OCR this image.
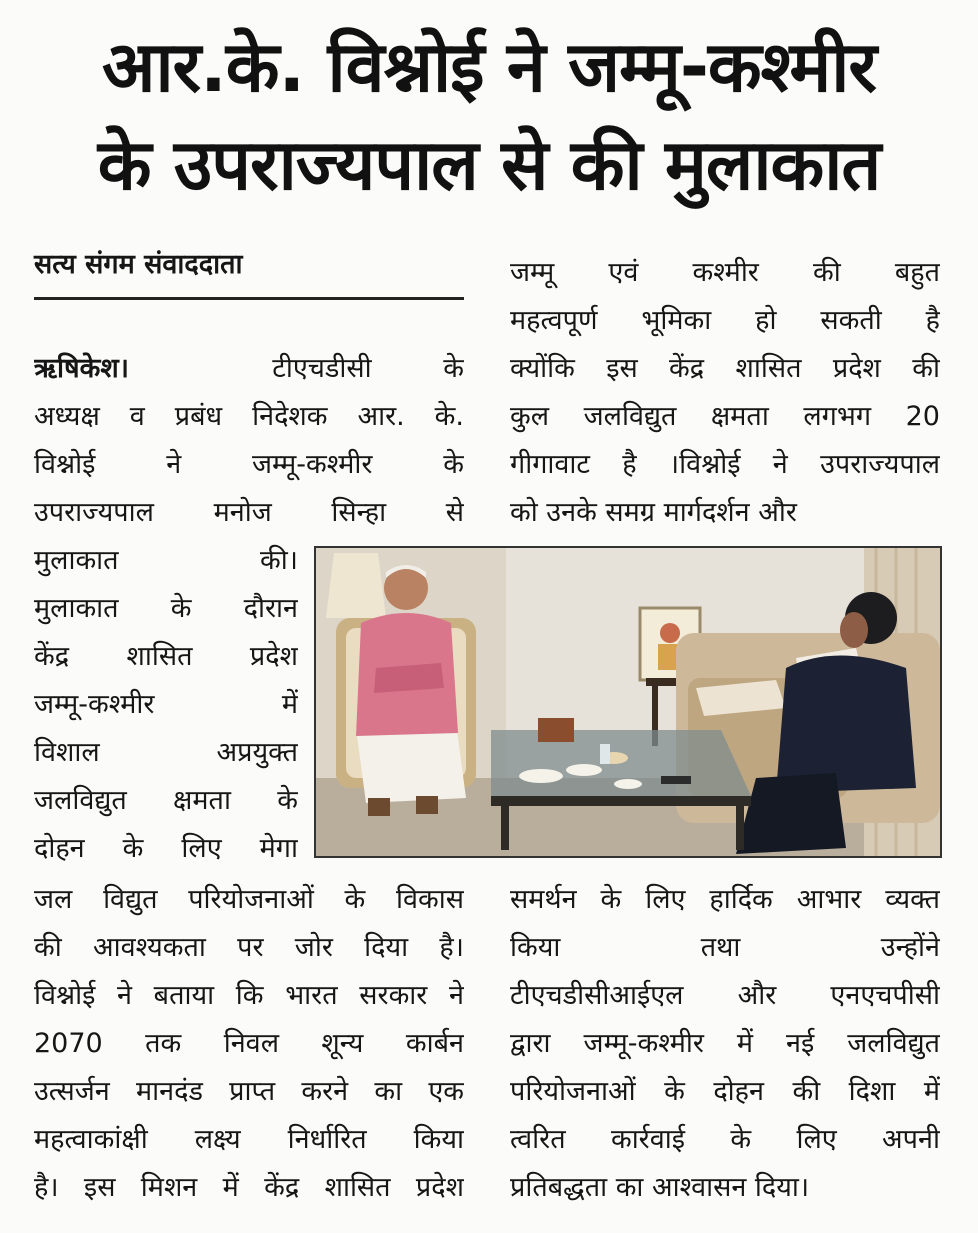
आर.के. विश्नोई ने जम्मू-कश्मीर
के उपराज्यपाल से की मुलाकात
सत्य संगम संवाददाता
ऋषिकेश।	टीएचडीसी के
अध्यक्ष व प्रबंध निदेशक आर. के.
विश्नोई ने जम्मू-कश्मीर के
उपराज्यपाल मनोज सिन्हा से
मुलाकात की।
मुलाकात के दौरान
केंद्र शासित प्रदेश
जम्मू-कश्मीर में
विशाल अप्रयुक्त
जलविद्युत क्षमता के
दोहन के लिए मेगा
जल विद्युत परियोजनाओं के विकास
की आवश्यकता पर जोर दिया है।
विश्नोई ने बताया कि भारत सरकार ने
2070 तक निवल शून्य कार्बन
उत्सर्जन मानदंड प्राप्त करने का एक
महत्वाकांक्षी लक्ष्य निर्धारित किया
है। इस मिशन में केंद्र शासित प्रदेश
जम्मू एवं कश्मीर की बहुत
महत्वपूर्ण भूमिका हो सकती है
क्योंकि इस केंद्र शासित प्रदेश की
कुल जलविद्युत क्षमता लगभग 20
गीगावाट है ।विश्नोई ने उपराज्यपाल
को उनके समग्र मार्गदर्शन और
समर्थन के लिए हार्दिक आभार व्यक्त
किया तथा उन्होंने
टीएचडीसीआईएल और एनएचपीसी
द्वारा जम्मू-कश्मीर में नई जलविद्युत
परियोजनाओं के दोहन की दिशा में
त्वरित कार्रवाई के लिए अपनी
प्रतिबद्धता का आश्वासन दिया।
